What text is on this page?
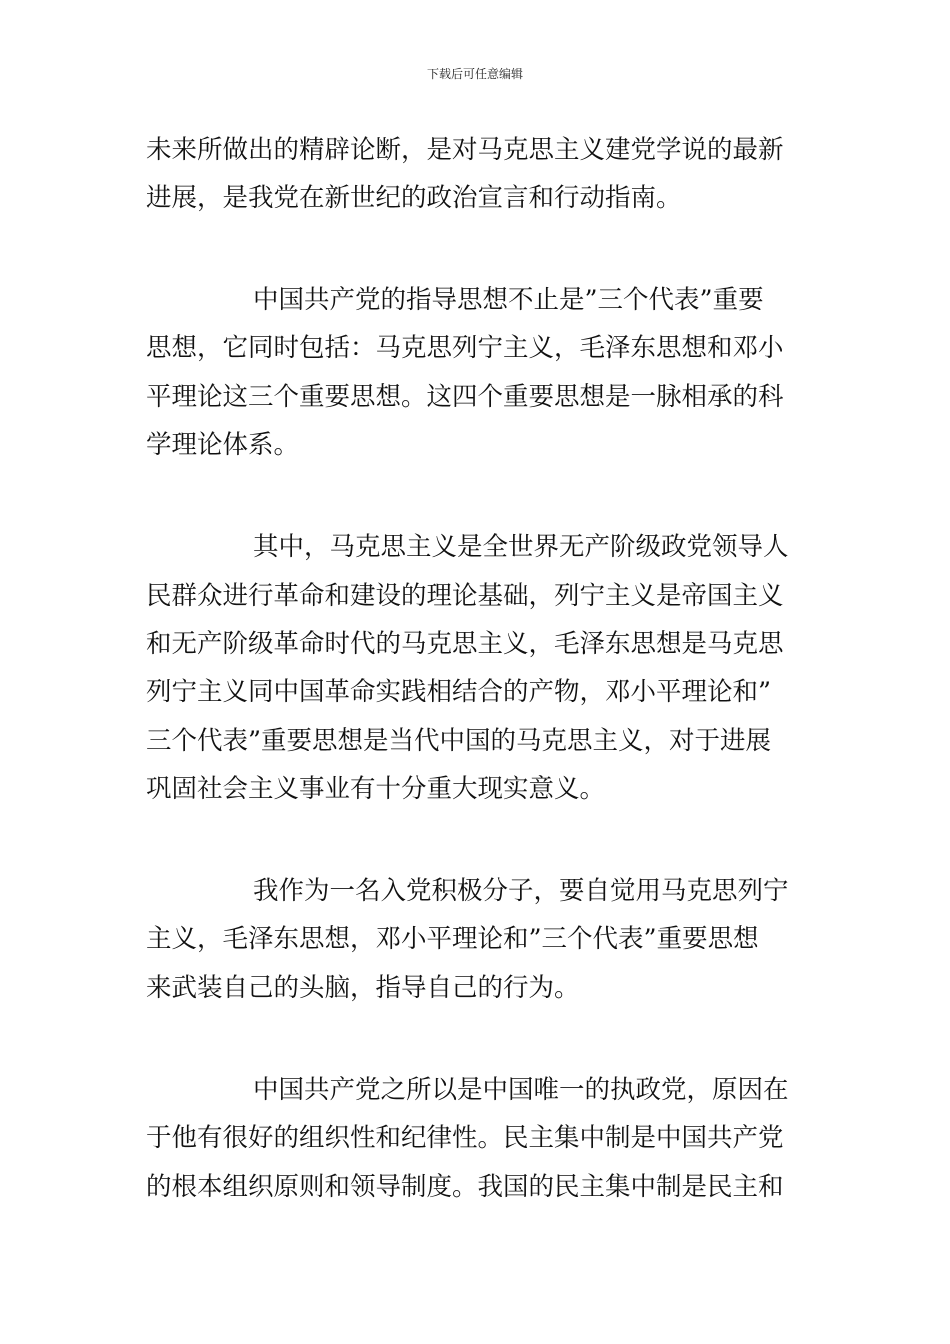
下载后可任意编辑
未来所做出的精辟论断，是对马克思主义建党学说的最新
进展，是我党在新世纪的政治宣言和行动指南。
中国共产党的指导思想不止是”三个代表”重要
思想，它同时包括：马克思列宁主义，毛泽东思想和邓小
平理论这三个重要思想。这四个重要思想是一脉相承的科
学理论体系。
其中，马克思主义是全世界无产阶级政党领导人
民群众进行革命和建设的理论基础，列宁主义是帝国主义
和无产阶级革命时代的马克思主义，毛泽东思想是马克思
列宁主义同中国革命实践相结合的产物，邓小平理论和”
三个代表”重要思想是当代中国的马克思主义，对于进展
巩固社会主义事业有十分重大现实意义。
我作为一名入党积极分子，要自觉用马克思列宁
主义，毛泽东思想，邓小平理论和”三个代表”重要思想
来武装自己的头脑，指导自己的行为。
中国共产党之所以是中国唯一的执政党，原因在
于他有很好的组织性和纪律性。民主集中制是中国共产党
的根本组织原则和领导制度。我国的民主集中制是民主和
